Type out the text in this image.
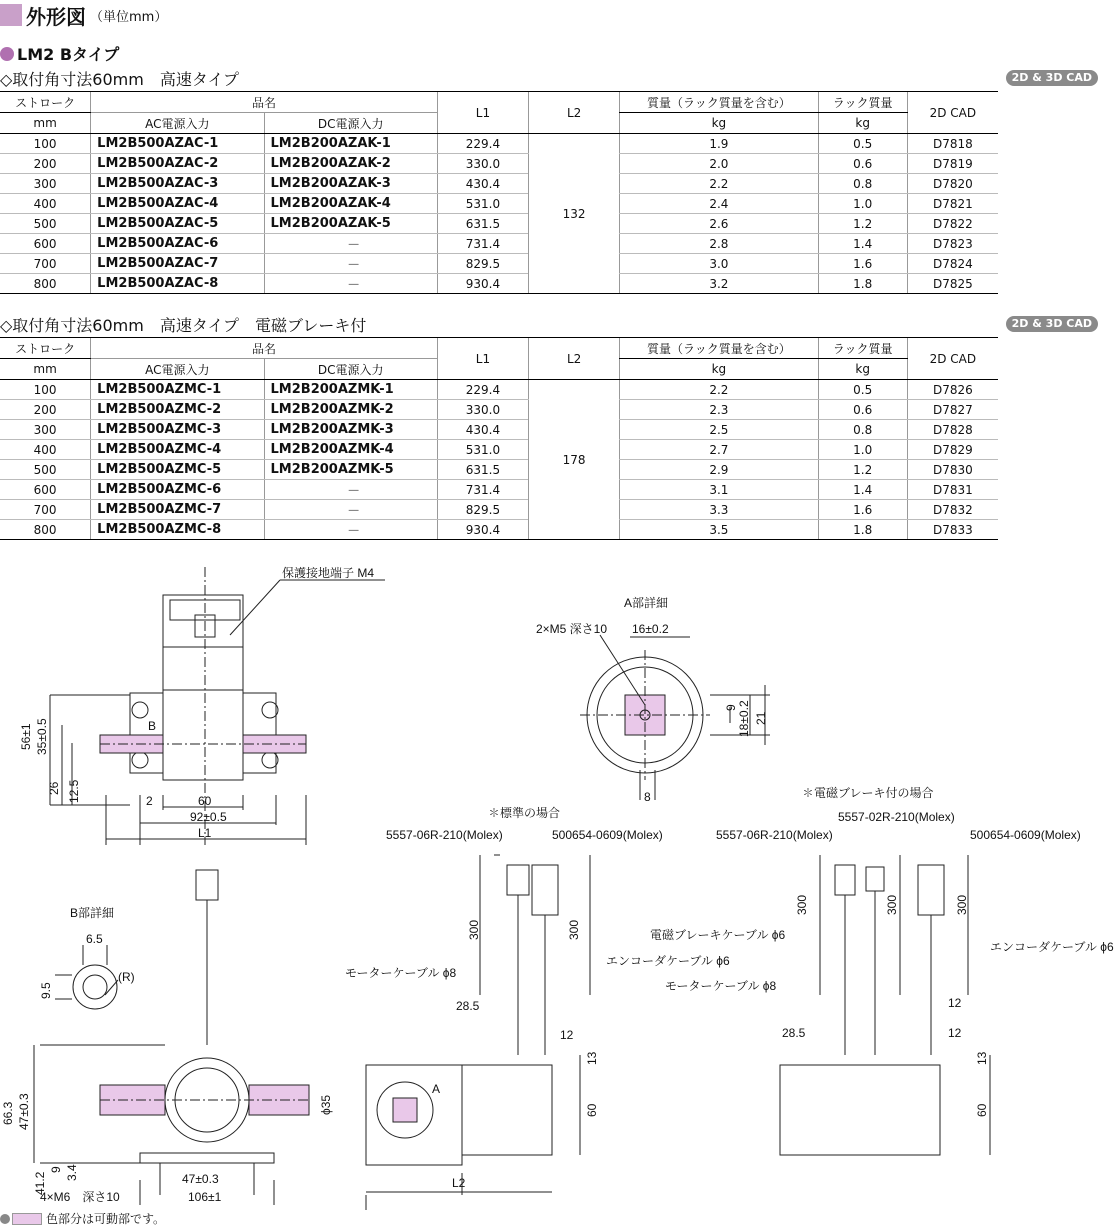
外形図 （単位mm）
LM2 Bタイプ
◇取付角寸法60mm　高速タイプ	2D & 3D CAD
ストローク	品名		L1	L2	質量（ラック質量を含む）	ラック質量	2D CAD
mm	AC電源入力	DC電源入力			kg	kg	
100	LM2B500AZAC-1	LM2B200AZAK-1	229.4	132	1.9	0.5	D7818
200	LM2B500AZAC-2	LM2B200AZAK-2	330.0		2.0	0.6	D7819
300	LM2B500AZAC-3	LM2B200AZAK-3	430.4		2.2	0.8	D7820
400	LM2B500AZAC-4	LM2B200AZAK-4	531.0		2.4	1.0	D7821
500	LM2B500AZAC-5	LM2B200AZAK-5	631.5		2.6	1.2	D7822
600	LM2B500AZAC-6	－	731.4		2.8	1.4	D7823
700	LM2B500AZAC-7	－	829.5		3.0	1.6	D7824
800	LM2B500AZAC-8	－	930.4		3.2	1.8	D7825
◇取付角寸法60mm　高速タイプ　電磁ブレーキ付	2D & 3D CAD
ストローク	品名		L1	L2	質量（ラック質量を含む）	ラック質量	2D CAD
mm	AC電源入力	DC電源入力			kg	kg	
100	LM2B500AZMC-1	LM2B200AZMK-1	229.4	178	2.2	0.5	D7826
200	LM2B500AZMC-2	LM2B200AZMK-2	330.0		2.3	0.6	D7827
300	LM2B500AZMC-3	LM2B200AZMK-3	430.4		2.5	0.8	D7828
400	LM2B500AZMC-4	LM2B200AZMK-4	531.0		2.7	1.0	D7829
500	LM2B500AZMC-5	LM2B200AZMK-5	631.5		2.9	1.2	D7830
600	LM2B500AZMC-6	－	731.4		3.1	1.4	D7831
700	LM2B500AZMC-7	－	829.5		3.3	1.6	D7832
800	LM2B500AZMC-8	－	930.4		3.5	1.8	D7833
保護接地端子 M4
B
60
2
92±0.5
L1
56±1 35±0.5
26 12.5
A部詳細
2×M5 深さ10 16±0.2
9 18±0.2 21
8
✽標準の場合
5557-06R-210(Molex)	500654-0609(Molex)
300	300
モーターケーブル ϕ8
エンコーダケーブル ϕ6
28.5
12
13
60
A
L2
✽電磁ブレーキ付の場合
5557-02R-210(Molex)
5557-06R-210(Molex)	500654-0609(Molex)
300	300	300
電磁ブレーキケーブル ϕ6
エンコーダケーブル ϕ6
モーターケーブル ϕ8
12
28.5	12
13
60
B部詳細
6.5
9.5
(R)
66.3 47±0.3
41.2
9 3.4
ϕ35
47±0.3
4×M6　深さ10	106±1
色部分は可動部です。
